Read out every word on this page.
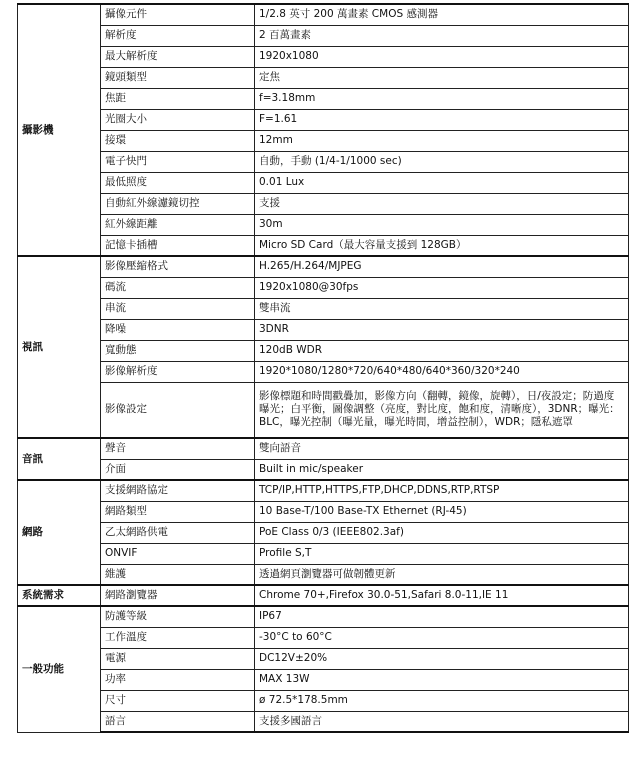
攝影機	攝像元件	1/2.8 英寸 200 萬畫素 CMOS 感測器
	解析度	2 百萬畫素
	最大解析度	1920x1080
	鏡頭類型	定焦
	焦距	f=3.18mm
	光圈大小	F=1.61
	接環	12mm
	電子快門	自動，手動 (1/4-1/1000 sec)
	最低照度	0.01 Lux
	自動紅外線濾鏡切控	支援
	紅外線距離	30m
	記憶卡插槽	Micro SD Card（最大容量支援到 128GB）
視訊	影像壓縮格式	H.265/H.264/MJPEG
	碼流	1920x1080@30fps
	串流	雙串流
	降噪	3DNR
	寬動態	120dB WDR
	影像解析度	1920*1080/1280*720/640*480/640*360/320*240
	影像設定	影像標題和時間戳疊加，影像方向（翻轉，鏡像，旋轉），日/夜設定；防過度曝光；白平衡，圖像調整（亮度，對比度，飽和度，清晰度），3DNR；曝光：BLC，曝光控制（曝光量，曝光時間，增益控制），WDR；隱私遮罩
音訊	聲音	雙向語音
	介面	Built in mic/speaker
網路	支援網路協定	TCP/IP,HTTP,HTTPS,FTP,DHCP,DDNS,RTP,RTSP
	網路類型	10 Base-T/100 Base-TX Ethernet (RJ-45)
	乙太網路供電	PoE Class 0/3 (IEEE802.3af)
	ONVIF	Profile S,T
	維護	透過網頁瀏覽器可做韌體更新
系統需求	網路瀏覽器	Chrome 70+,Firefox 30.0-51,Safari 8.0-11,IE 11
一般功能	防護等級	IP67
	工作溫度	-30°C to 60°C
	電源	DC12V±20%
	功率	MAX 13W
	尺寸	ø 72.5*178.5mm
	語言	支援多國語言
